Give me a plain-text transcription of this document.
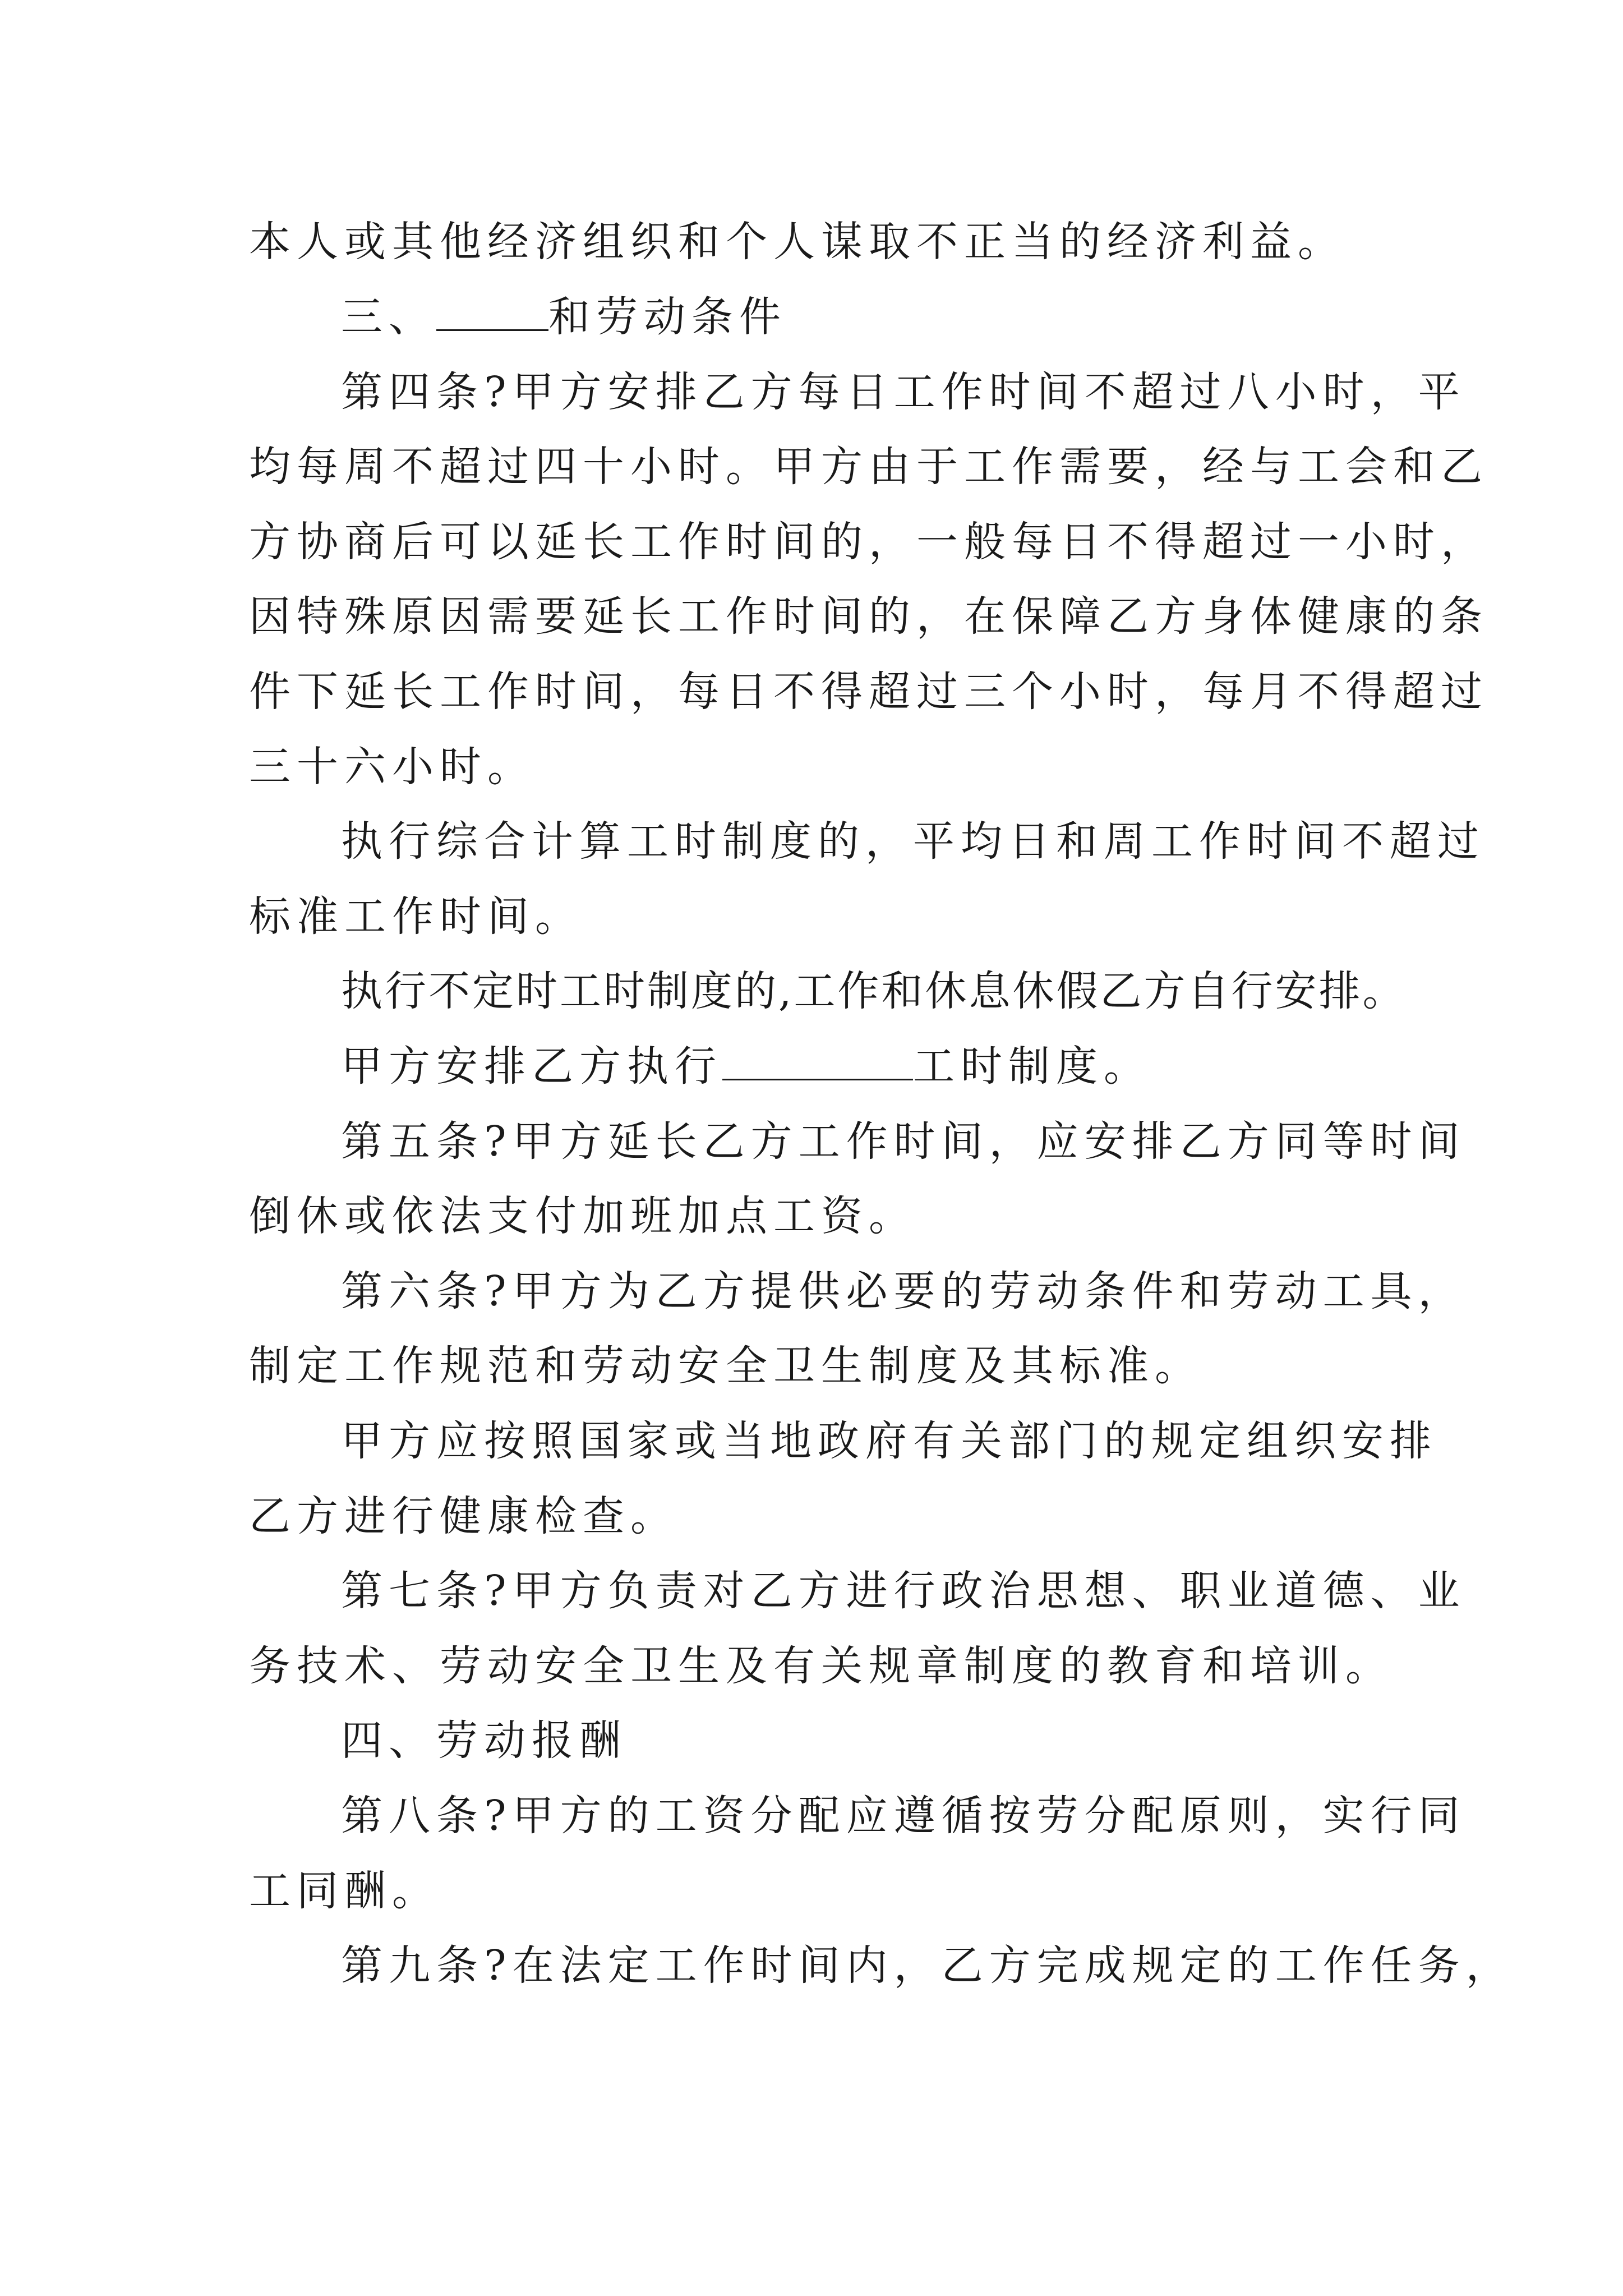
本人或其他经济组织和个人谋取不正当的经济利益。
三、	和劳动条件
第四条?甲方安排乙方每日工作时间不超过八小时，平
均每周不超过四十小时。甲方由于工作需要，经与工会和乙
方协商后可以延长工作时间的，一般每日不得超过一小时，
因特殊原因需要延长工作时间的，在保障乙方身体健康的条
件下延长工作时间，每日不得超过三个小时，每月不得超过
三十六小时。
执行综合计算工时制度的，平均日和周工作时间不超过
标准工作时间。
执行不定时工时制度的,工作和休息休假乙方自行安排。
甲方安排乙方执行	工时制度。
第五条?甲方延长乙方工作时间，应安排乙方同等时间
倒休或依法支付加班加点工资。
第六条?甲方为乙方提供必要的劳动条件和劳动工具，
制定工作规范和劳动安全卫生制度及其标准。
甲方应按照国家或当地政府有关部门的规定组织安排
乙方进行健康检查。
第七条?甲方负责对乙方进行政治思想、职业道德、业
务技术、劳动安全卫生及有关规章制度的教育和培训。
四、劳动报酬
第八条?甲方的工资分配应遵循按劳分配原则，实行同
工同酬。
第九条?在法定工作时间内，乙方完成规定的工作任务，
